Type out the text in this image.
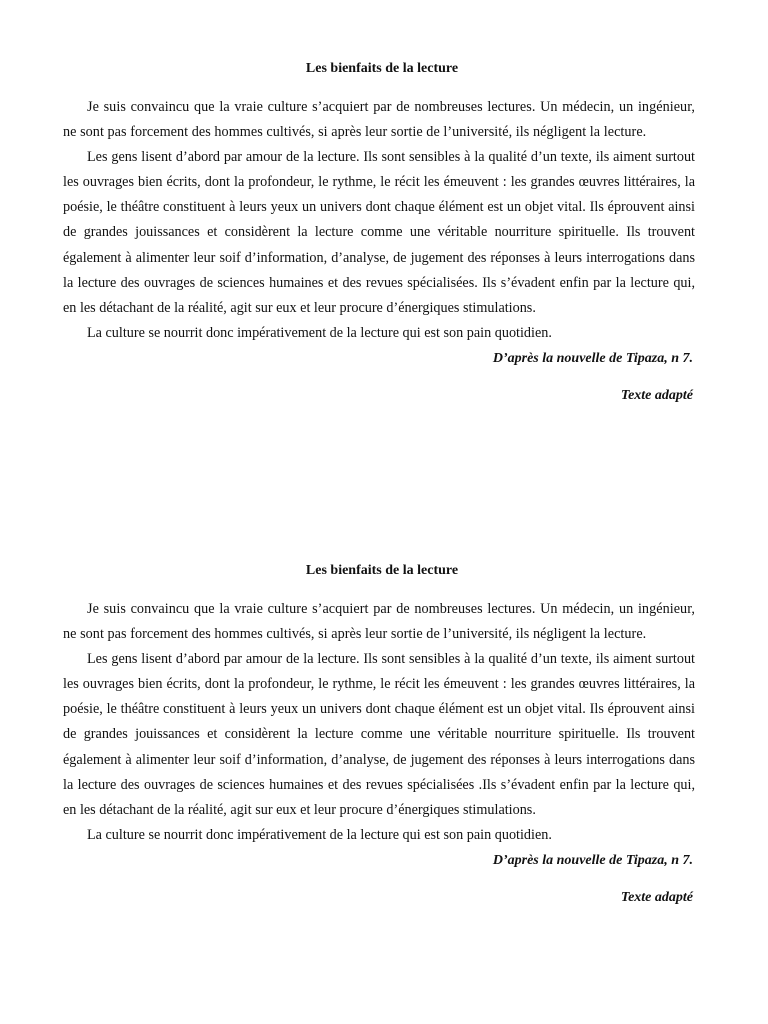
Les bienfaits de la lecture

Je suis convaincu que la vraie culture s’acquiert par de nombreuses lectures. Un médecin, un ingénieur, ne sont pas forcement des hommes cultivés, si après leur sortie de l’université, ils négligent la lecture.

Les gens lisent d’abord par amour de la lecture. Ils sont sensibles à la qualité d’un texte, ils aiment surtout les ouvrages bien écrits, dont la profondeur, le rythme, le récit les émeuvent : les grandes œuvres littéraires, la poésie, le théâtre constituent à leurs yeux un univers dont chaque élément est un objet vital. Ils éprouvent ainsi de grandes jouissances et considèrent la lecture comme une véritable nourriture spirituelle. Ils trouvent également à alimenter leur soif d’information, d’analyse, de jugement des réponses à leurs interrogations dans la lecture des ouvrages de sciences humaines et des revues spécialisées. Ils s’évadent enfin par la lecture qui, en les détachant de la réalité, agit sur eux et leur procure d’énergiques stimulations.

La culture se nourrit donc impérativement de la lecture qui est son pain quotidien.

D’après la nouvelle de Tipaza, n 7.

Texte adapté

Les bienfaits de la lecture

Je suis convaincu que la vraie culture s’acquiert par de nombreuses lectures. Un médecin, un ingénieur, ne sont pas forcement des hommes cultivés, si après leur sortie de l’université, ils négligent la lecture.

Les gens lisent d’abord par amour de la lecture. Ils sont sensibles à la qualité d’un texte, ils aiment surtout les ouvrages bien écrits, dont la profondeur, le rythme, le récit les émeuvent : les grandes œuvres littéraires, la poésie, le théâtre constituent à leurs yeux un univers dont chaque élément est un objet vital. Ils éprouvent ainsi de grandes jouissances et considèrent la lecture comme une véritable nourriture spirituelle. Ils trouvent également à alimenter leur soif d’information, d’analyse, de jugement des réponses à leurs interrogations dans la lecture des ouvrages de sciences humaines et des revues spécialisées .Ils s’évadent enfin par la lecture qui, en les détachant de la réalité, agit sur eux et leur procure d’énergiques stimulations.

La culture se nourrit donc impérativement de la lecture qui est son pain quotidien.

D’après la nouvelle de Tipaza, n 7.

Texte adapté
